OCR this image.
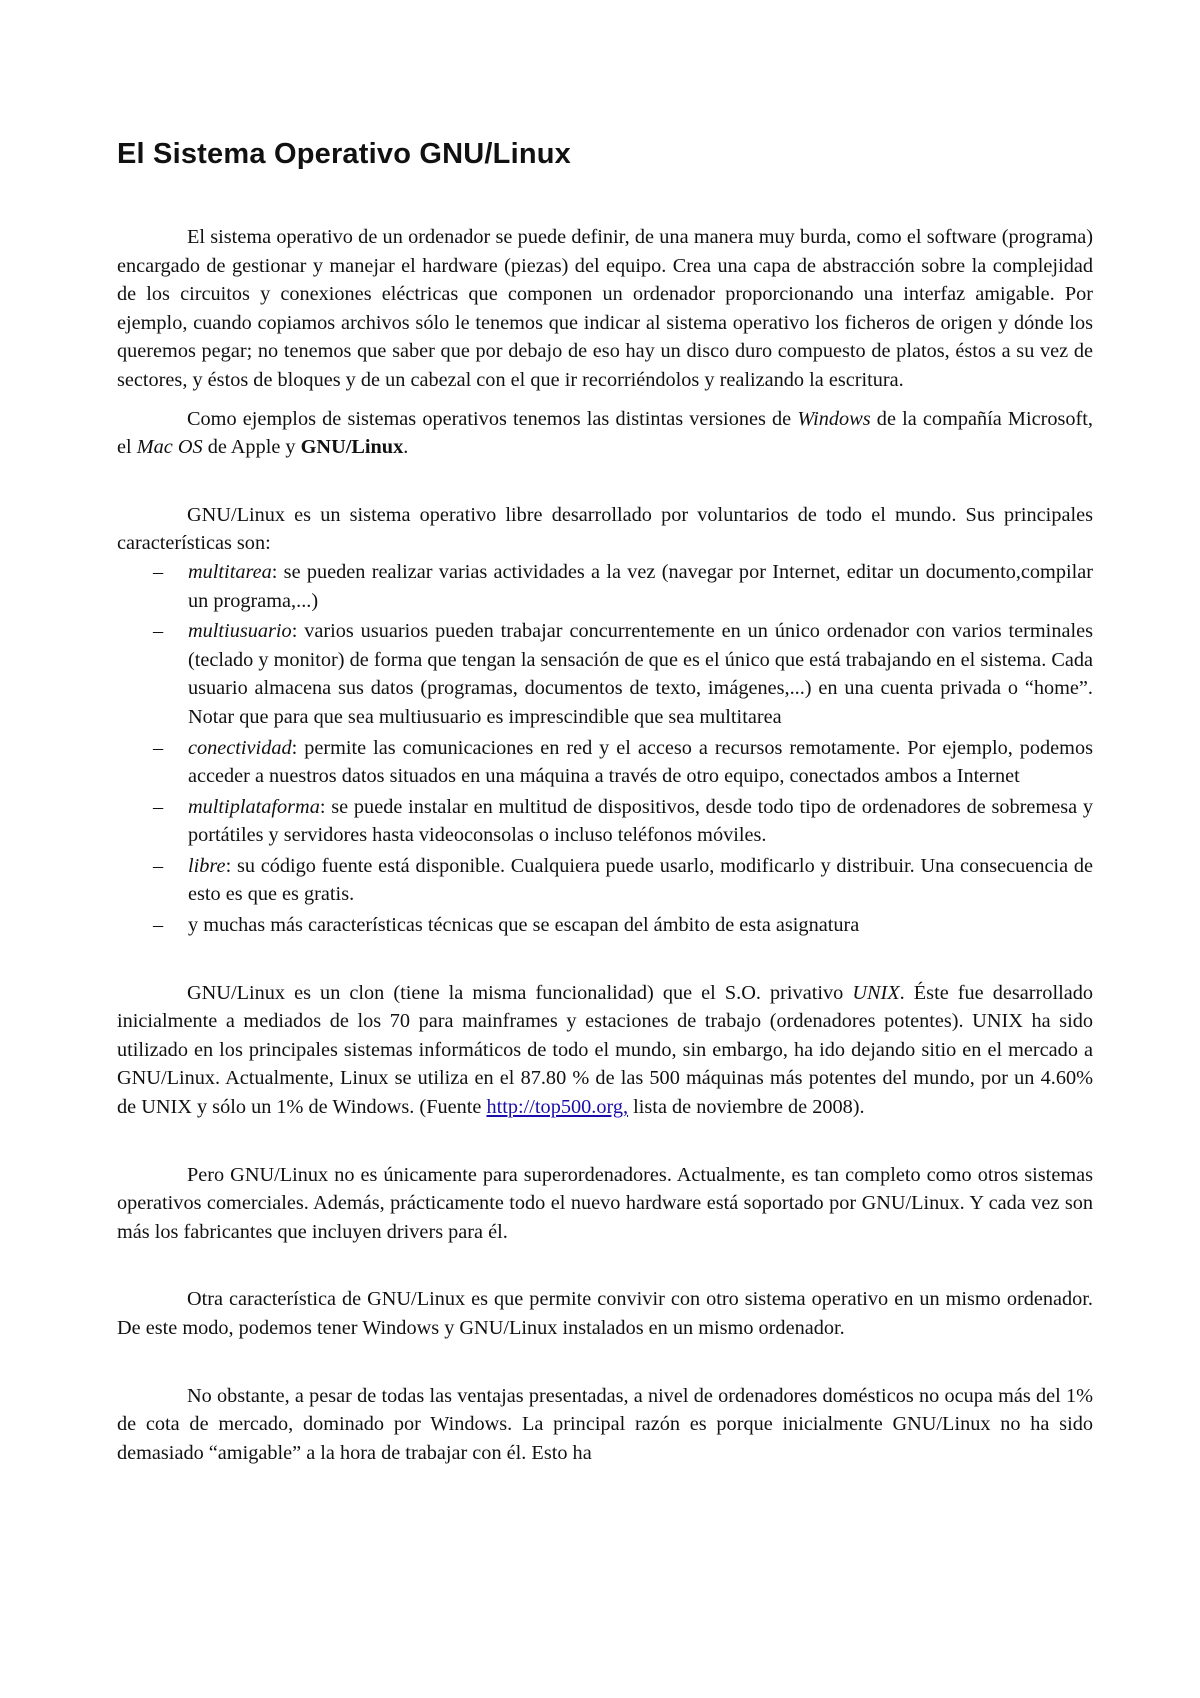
El Sistema Operativo GNU/Linux

El sistema operativo de un ordenador se puede definir, de una manera muy burda, como el software (programa) encargado de gestionar y manejar el hardware (piezas) del equipo. Crea una capa de abstracción sobre la complejidad de los circuitos y conexiones eléctricas que componen un ordenador proporcionando una interfaz amigable. Por ejemplo, cuando copiamos archivos sólo le tenemos que indicar al sistema operativo los ficheros de origen y dónde los queremos pegar; no tenemos que saber que por debajo de eso hay un disco duro compuesto de platos, éstos a su vez de sectores, y éstos de bloques y de un cabezal con el que ir recorriéndolos y realizando la escritura.

Como ejemplos de sistemas operativos tenemos las distintas versiones de Windows de la compañía Microsoft, el Mac OS de Apple y GNU/Linux.

GNU/Linux es un sistema operativo libre desarrollado por voluntarios de todo el mundo. Sus principales características son:

– multitarea: se pueden realizar varias actividades a la vez (navegar por Internet, editar un documento,compilar un programa,...)
– multiusuario: varios usuarios pueden trabajar concurrentemente en un único ordenador con varios terminales (teclado y monitor) de forma que tengan la sensación de que es el único que está trabajando en el sistema. Cada usuario almacena sus datos (programas, documentos de texto, imágenes,...) en una cuenta privada o “home”. Notar que para que sea multiusuario es imprescindible que sea multitarea
– conectividad: permite las comunicaciones en red y el acceso a recursos remotamente. Por ejemplo, podemos acceder a nuestros datos situados en una máquina a través de otro equipo, conectados ambos a Internet
– multiplataforma: se puede instalar en multitud de dispositivos, desde todo tipo de ordenadores de sobremesa y portátiles y servidores hasta videoconsolas o incluso teléfonos móviles.
– libre: su código fuente está disponible. Cualquiera puede usarlo, modificarlo y distribuir. Una consecuencia de esto es que es gratis.
– y muchas más características técnicas que se escapan del ámbito de esta asignatura

GNU/Linux es un clon (tiene la misma funcionalidad) que el S.O. privativo UNIX. Éste fue desarrollado inicialmente a mediados de los 70 para mainframes y estaciones de trabajo (ordenadores potentes). UNIX ha sido utilizado en los principales sistemas informáticos de todo el mundo, sin embargo, ha ido dejando sitio en el mercado a GNU/Linux. Actualmente, Linux se utiliza en el 87.80 % de las 500 máquinas más potentes del mundo, por un 4.60% de UNIX y sólo un 1% de Windows. (Fuente http://top500.org, lista de noviembre de 2008).

Pero GNU/Linux no es únicamente para superordenadores. Actualmente, es tan completo como otros sistemas operativos comerciales. Además, prácticamente todo el nuevo hardware está soportado por GNU/Linux. Y cada vez son más los fabricantes que incluyen drivers para él.

Otra característica de GNU/Linux es que permite convivir con otro sistema operativo en un mismo ordenador. De este modo, podemos tener Windows y GNU/Linux instalados en un mismo ordenador.

No obstante, a pesar de todas las ventajas presentadas, a nivel de ordenadores domésticos no ocupa más del 1% de cota de mercado, dominado por Windows. La principal razón es porque inicialmente GNU/Linux no ha sido demasiado “amigable” a la hora de trabajar con él. Esto ha
